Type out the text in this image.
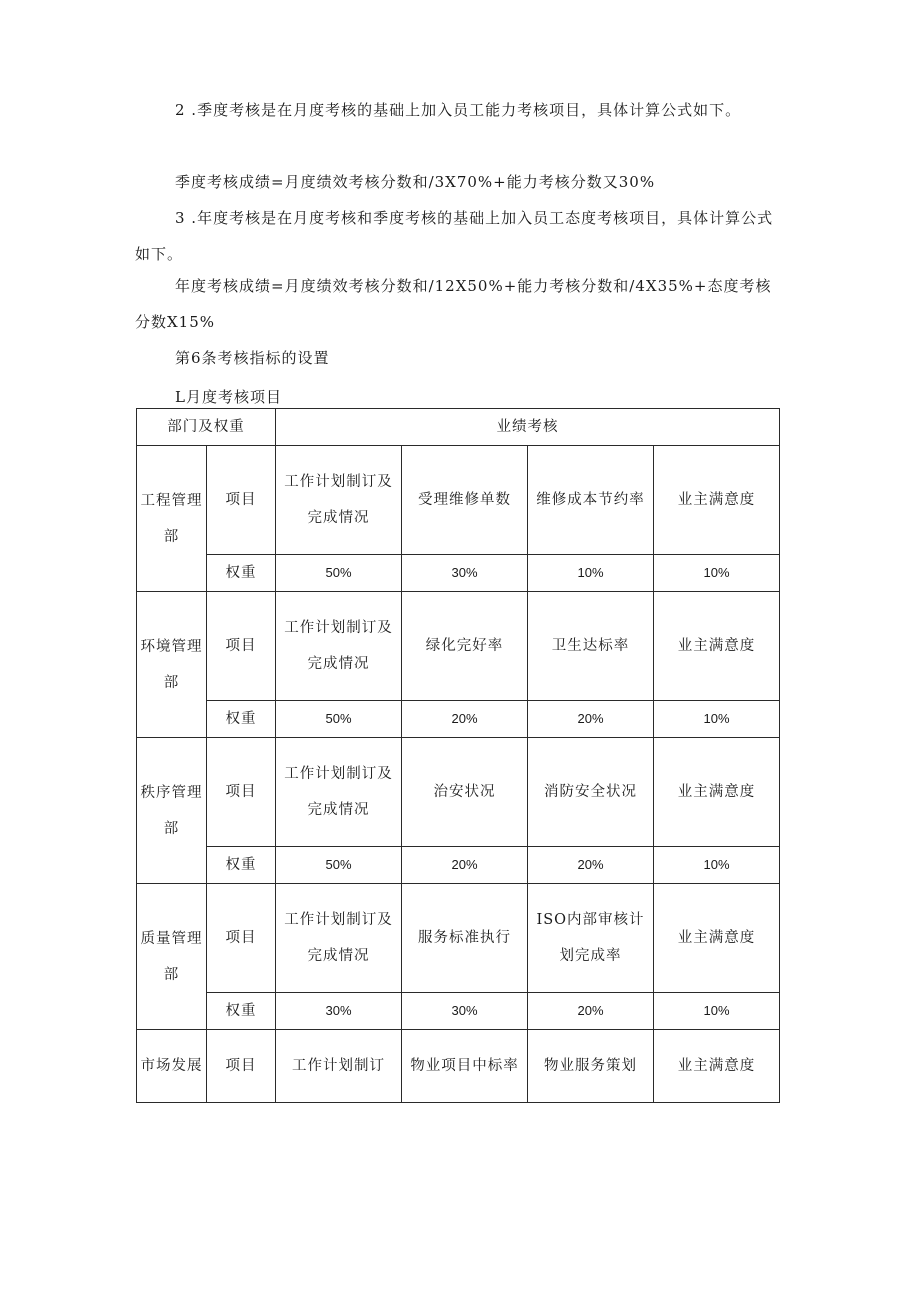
2 .季度考核是在月度考核的基础上加入员工能力考核项目，具体计算公式如下。

季度考核成绩=月度绩效考核分数和/3X70%+能力考核分数又30%

3 .年度考核是在月度考核和季度考核的基础上加入员工态度考核项目，具体计算公式如下。

年度考核成绩=月度绩效考核分数和/12X50%+能力考核分数和/4X35%+态度考核分数X15%

第6条考核指标的设置

L月度考核项目
部门及权重		业绩考核			
工程管理部	项目	工作计划制订及完成情况	受理维修单数	维修成本节约率	业主满意度
	权重	50%	30%	10%	10%
环境管理部	项目	工作计划制订及完成情况	绿化完好率	卫生达标率	业主满意度
	权重	50%	20%	20%	10%
秩序管理部	项目	工作计划制订及完成情况	治安状况	消防安全状况	业主满意度
	权重	50%	20%	20%	10%
质量管理部	项目	工作计划制订及完成情况	服务标准执行	ISO内部审核计划完成率	业主满意度
	权重	30%	30%	20%	10%
市场发展	项目	工作计划制订	物业项目中标率	物业服务策划	业主满意度
